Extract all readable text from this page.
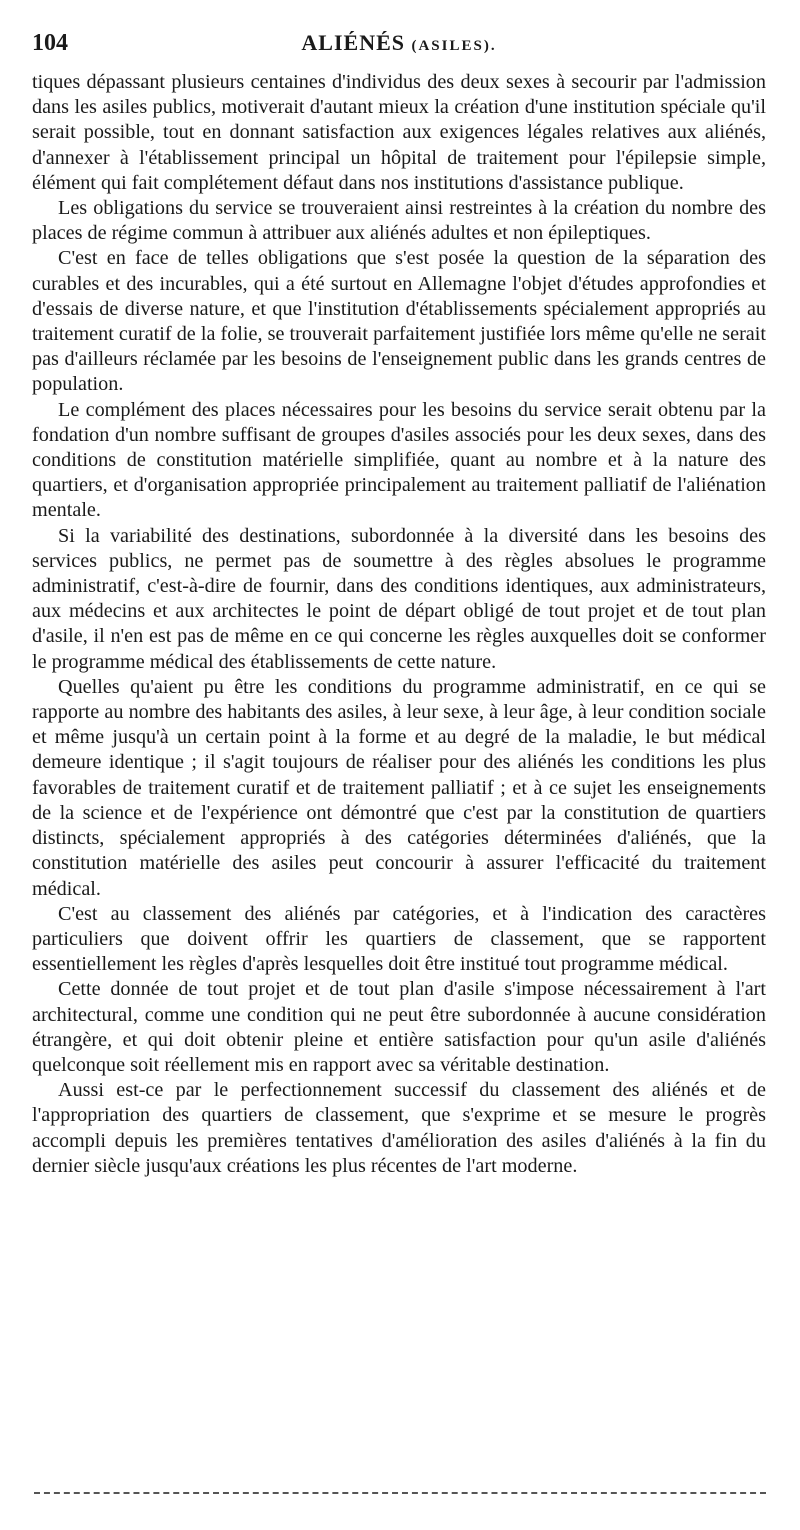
104	ALIÉNÉS (ASILES).

tiques dépassant plusieurs centaines d'individus des deux sexes à secourir par l'admission dans les asiles publics, motiverait d'autant mieux la création d'une institution spéciale qu'il serait possible, tout en donnant satisfaction aux exigences légales relatives aux aliénés, d'annexer à l'établissement principal un hôpital de traitement pour l'épilepsie simple, élément qui fait complétement défaut dans nos institutions d'assistance publique.

Les obligations du service se trouveraient ainsi restreintes à la création du nombre des places de régime commun à attribuer aux aliénés adultes et non épileptiques.

C'est en face de telles obligations que s'est posée la question de la séparation des curables et des incurables, qui a été surtout en Allemagne l'objet d'études approfondies et d'essais de diverse nature, et que l'institution d'établissements spécialement appropriés au traitement curatif de la folie, se trouverait parfaitement justifiée lors même qu'elle ne serait pas d'ailleurs réclamée par les besoins de l'enseignement public dans les grands centres de population.

Le complément des places nécessaires pour les besoins du service serait obtenu par la fondation d'un nombre suffisant de groupes d'asiles associés pour les deux sexes, dans des conditions de constitution matérielle simplifiée, quant au nombre et à la nature des quartiers, et d'organisation appropriée principalement au traitement palliatif de l'aliénation mentale.

Si la variabilité des destinations, subordonnée à la diversité dans les besoins des services publics, ne permet pas de soumettre à des règles absolues le programme administratif, c'est-à-dire de fournir, dans des conditions identiques, aux administrateurs, aux médecins et aux architectes le point de départ obligé de tout projet et de tout plan d'asile, il n'en est pas de même en ce qui concerne les règles auxquelles doit se conformer le programme médical des établissements de cette nature.

Quelles qu'aient pu être les conditions du programme administratif, en ce qui se rapporte au nombre des habitants des asiles, à leur sexe, à leur âge, à leur condition sociale et même jusqu'à un certain point à la forme et au degré de la maladie, le but médical demeure identique ; il s'agit toujours de réaliser pour des aliénés les conditions les plus favorables de traitement curatif et de traitement palliatif ; et à ce sujet les enseignements de la science et de l'expérience ont démontré que c'est par la constitution de quartiers distincts, spécialement appropriés à des catégories déterminées d'aliénés, que la constitution matérielle des asiles peut concourir à assurer l'efficacité du traitement médical.

C'est au classement des aliénés par catégories, et à l'indication des caractères particuliers que doivent offrir les quartiers de classement, que se rapportent essentiellement les règles d'après lesquelles doit être institué tout programme médical.

Cette donnée de tout projet et de tout plan d'asile s'impose nécessairement à l'art architectural, comme une condition qui ne peut être subordonnée à aucune considération étrangère, et qui doit obtenir pleine et entière satisfaction pour qu'un asile d'aliénés quelconque soit réellement mis en rapport avec sa véritable destination.

Aussi est-ce par le perfectionnement successif du classement des aliénés et de l'appropriation des quartiers de classement, que s'exprime et se mesure le progrès accompli depuis les premières tentatives d'amélioration des asiles d'aliénés à la fin du dernier siècle jusqu'aux créations les plus récentes de l'art moderne.
